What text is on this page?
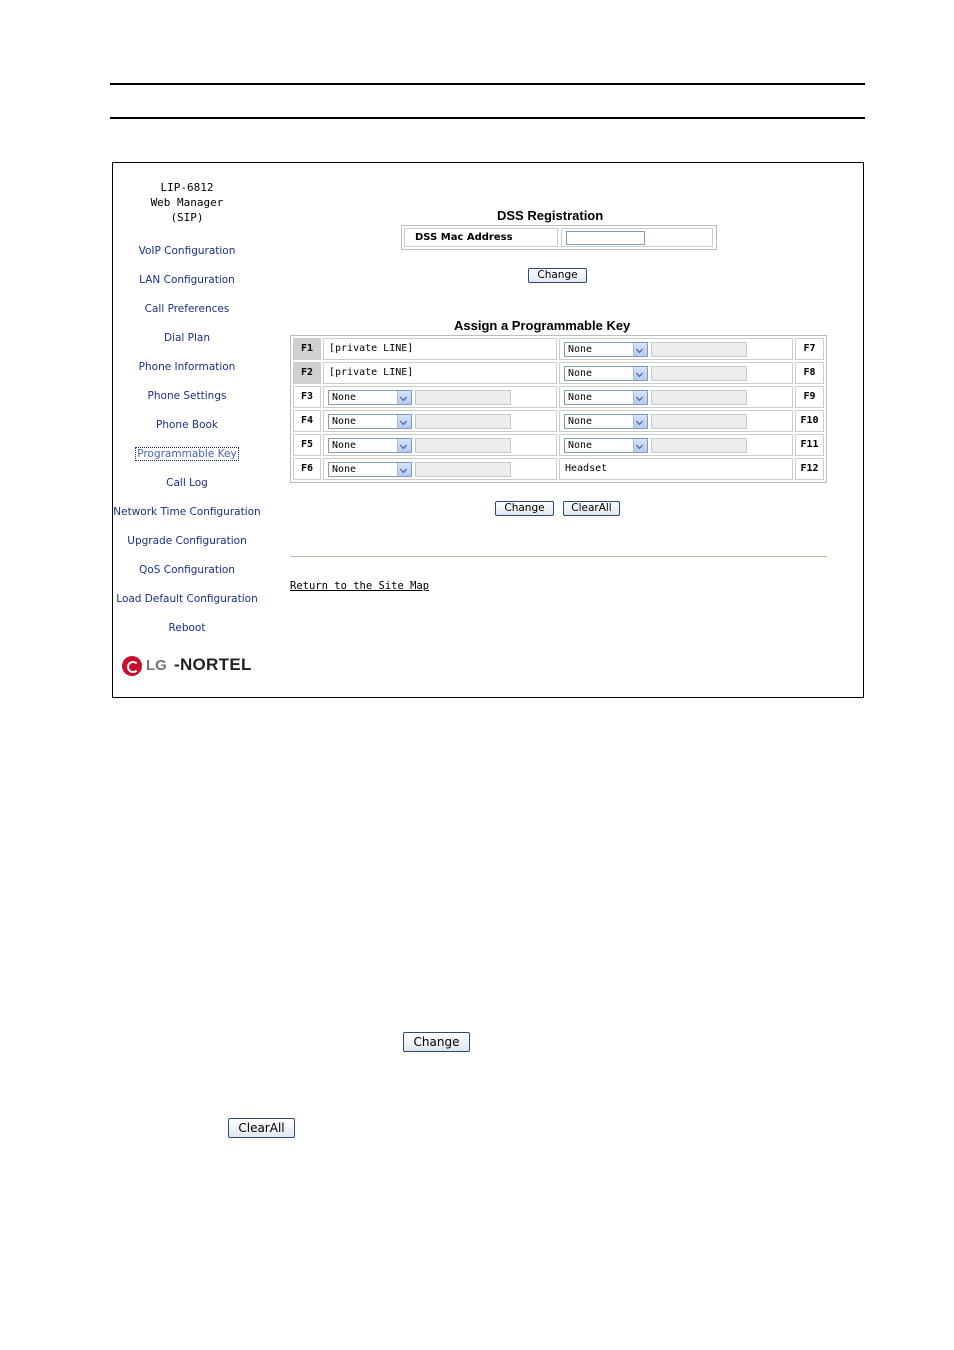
LIP-6812
Web Manager
(SIP)
VoIP Configuration
LAN Configuration
Call Preferences
Dial Plan
Phone Information
Phone Settings
Phone Book
Programmable Key
Call Log
Network Time Configuration
Upgrade Configuration
QoS Configuration
Load Default Configuration
Reboot
LG -NORTEL
DSS Registration
DSS Mac Address
Change
Assign a Programmable Key
F1	[private LINE]	None	F7
F2	[private LINE]	None	F8
F3	None	None	F9
F4	None	None	F10
F5	None	None	F11
F6	None	Headset	F12
Change	ClearAll
Return to the Site Map
Change
ClearAll
